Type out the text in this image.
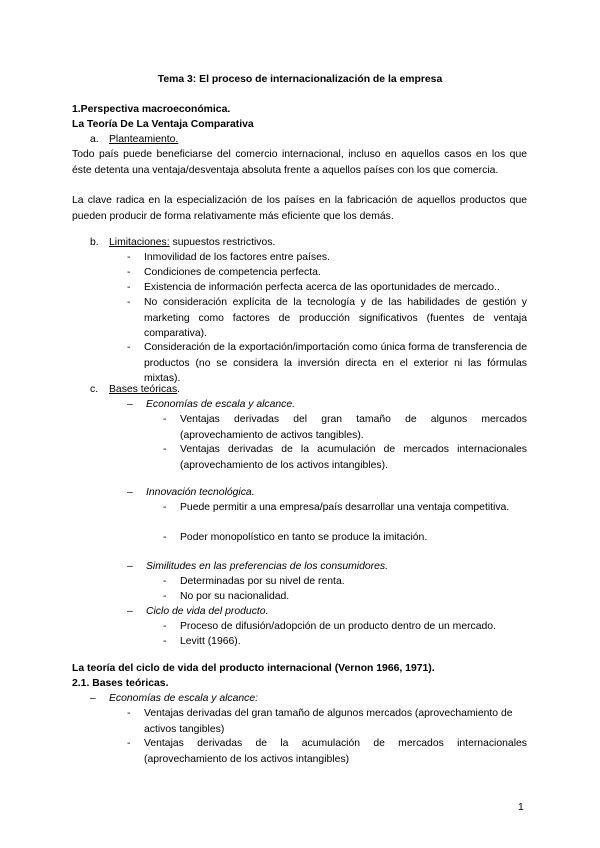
Tema 3: El proceso de internacionalización de la empresa
1.Perspectiva macroeconómica.
La Teoría De La Ventaja Comparativa
a. Planteamiento.
Todo país puede beneficiarse del comercio internacional, incluso en aquellos casos en los que éste detenta una ventaja/desventaja absoluta frente a aquellos países con los que comercia.
La clave radica en la especialización de los países en la fabricación de aquellos productos que pueden producir de forma relativamente más eficiente que los demás.
b. Limitaciones: supuestos restrictivos.
- Inmovilidad de los factores entre países.
- Condiciones de competencia perfecta.
- Existencia de información perfecta acerca de las oportunidades de mercado..
- No consideración explícita de la tecnología y de las habilidades de gestión y marketing como factores de producción significativos (fuentes de ventaja comparativa).
- Consideración de la exportación/importación como única forma de transferencia de productos (no se considera la inversión directa en el exterior ni las fórmulas mixtas).
c. Bases teóricas.
– Economías de escala y alcance.
- Ventajas derivadas del gran tamaño de algunos mercados (aprovechamiento de activos tangibles).
- Ventajas derivadas de la acumulación de mercados internacionales (aprovechamiento de los activos intangibles).
– Innovación tecnológica.
- Puede permitir a una empresa/país desarrollar una ventaja competitiva.
- Poder monopolístico en tanto se produce la imitación.
– Similitudes en las preferencias de los consumidores.
- Determinadas por su nivel de renta.
- No por su nacionalidad.
– Ciclo de vida del producto.
- Proceso de difusión/adopción de un producto dentro de un mercado.
- Levitt (1966).
La teoría del ciclo de vida del producto internacional (Vernon 1966, 1971).
2.1. Bases teóricas.
– Economías de escala y alcance:
- Ventajas derivadas del gran tamaño de algunos mercados (aprovechamiento de activos tangibles)
- Ventajas derivadas de la acumulación de mercados internacionales (aprovechamiento de los activos intangibles)
1
